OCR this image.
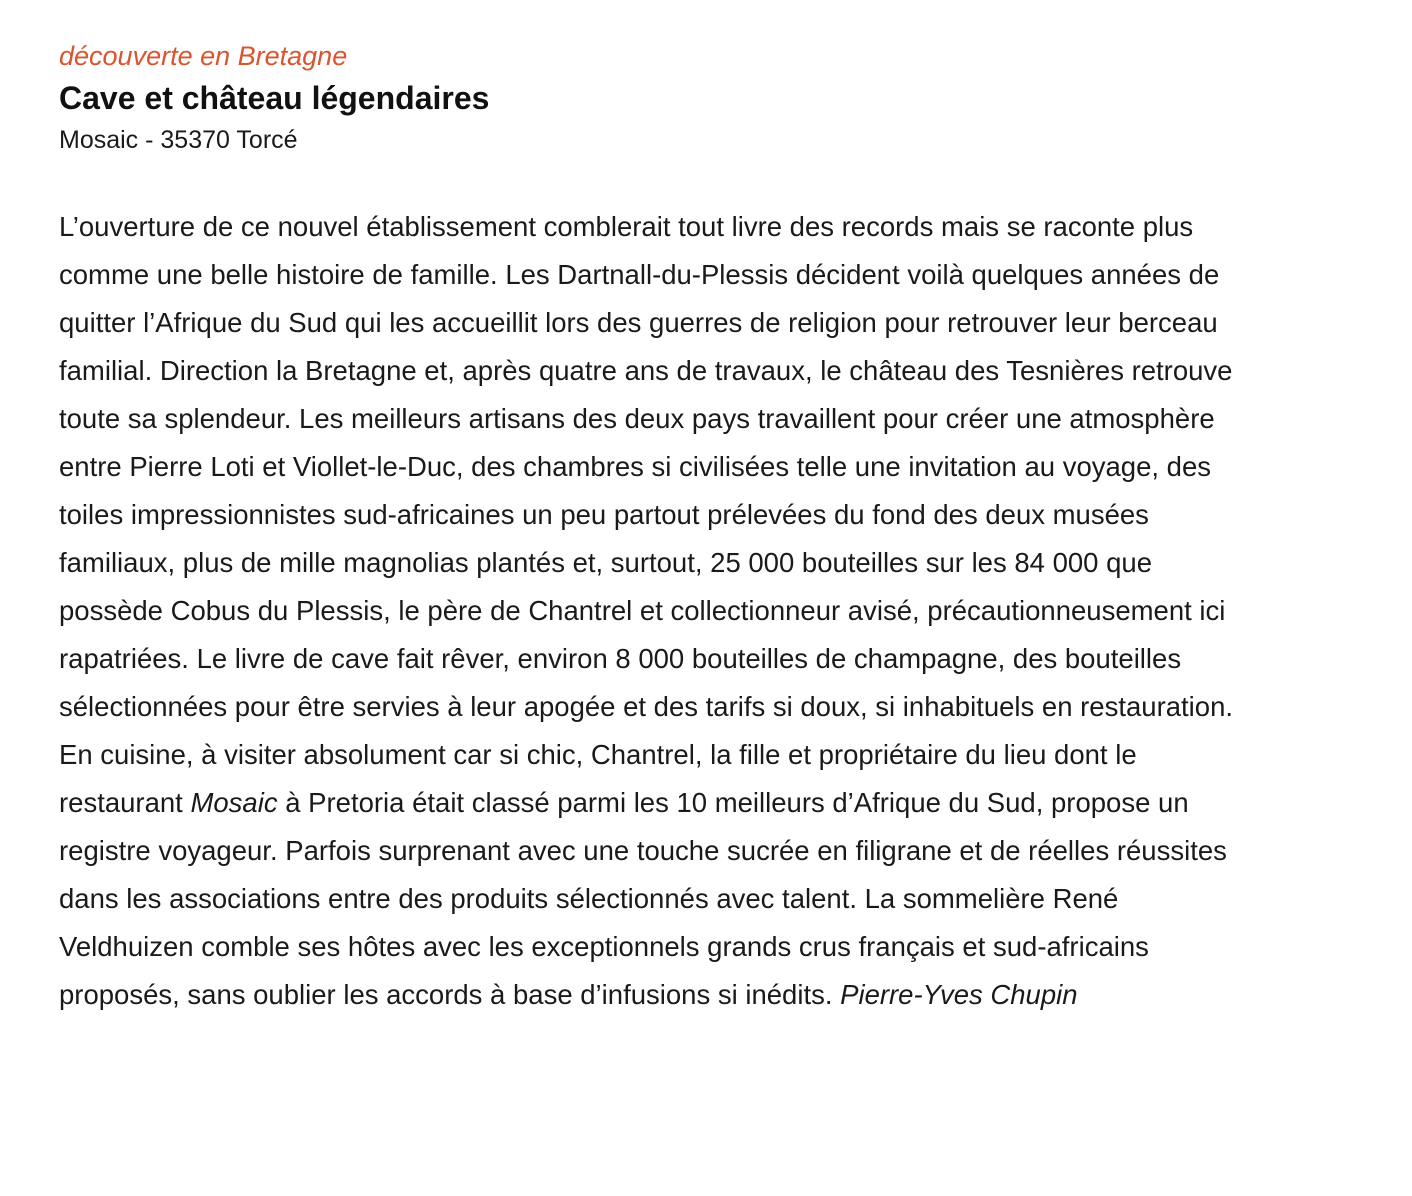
découverte en Bretagne

Cave et château légendaires

Mosaic - 35370 Torcé

L’ouverture de ce nouvel établissement comblerait tout livre des records mais se raconte plus comme une belle histoire de famille. Les Dartnall-du-Plessis décident voilà quelques années de quitter l’Afrique du Sud qui les accueillit lors des guerres de religion pour retrouver leur berceau familial. Direction la Bretagne et, après quatre ans de travaux, le château des Tesnières retrouve toute sa splendeur. Les meilleurs artisans des deux pays travaillent pour créer une atmosphère entre Pierre Loti et Viollet-le-Duc, des chambres si civilisées telle une invitation au voyage, des toiles impressionnistes sud-africaines un peu partout prélevées du fond des deux musées familiaux, plus de mille magnolias plantés et, surtout, 25 000 bouteilles sur les 84 000 que possède Cobus du Plessis, le père de Chantrel et collectionneur avisé, précautionneusement ici rapatriées. Le livre de cave fait rêver, environ 8 000 bouteilles de champagne, des bouteilles sélectionnées pour être servies à leur apogée et des tarifs si doux, si inhabituels en restauration. En cuisine, à visiter absolument car si chic, Chantrel, la fille et propriétaire du lieu dont le restaurant Mosaic à Pretoria était classé parmi les 10 meilleurs d’Afrique du Sud, propose un registre voyageur. Parfois surprenant avec une touche sucrée en filigrane et de réelles réussites dans les associations entre des produits sélectionnés avec talent. La sommelière René Veldhuizen comble ses hôtes avec les exceptionnels grands crus français et sud-africains proposés, sans oublier les accords à base d’infusions si inédits. Pierre-Yves Chupin
